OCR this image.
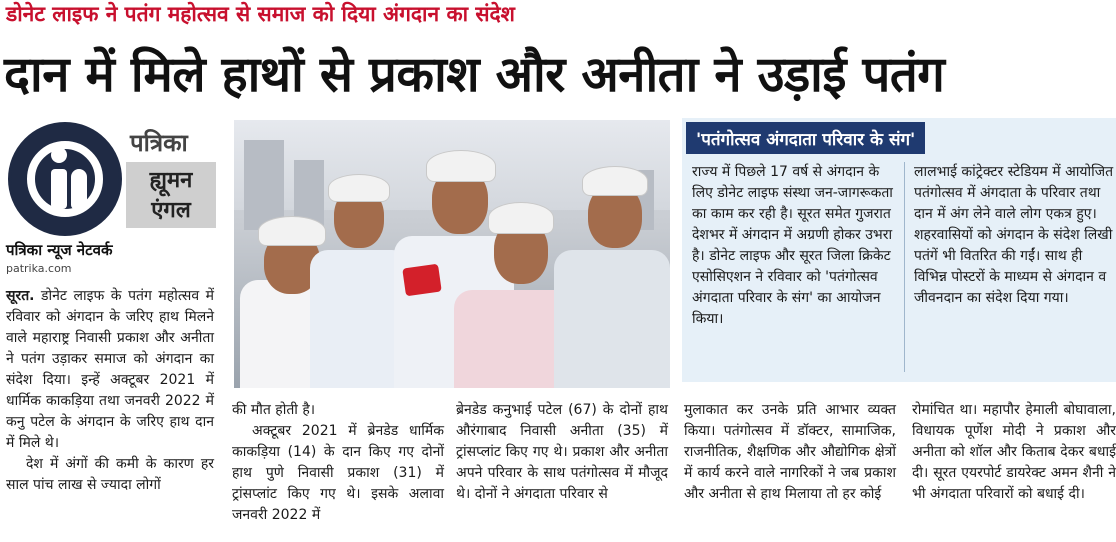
डोनेट लाइफ ने पतंग महोत्सव से समाज को दिया अंगदान का संदेश
दान में मिले हाथों से प्रकाश और अनीता ने उड़ाई पतंग
पत्रिका
ह्यूमन
एंगल
पत्रिका न्यूज नेटवर्क
patrika.com

सूरत. डोनेट लाइफ के पतंग महोत्सव में रविवार को अंगदान के जरिए हाथ मिलने वाले महाराष्ट्र निवासी प्रकाश और अनीता ने पतंग उड़ाकर समाज को अंगदान का संदेश दिया। इन्हें अक्टूबर 2021 में धार्मिक काकड़िया तथा जनवरी 2022 में कनु पटेल के अंगदान के जरिए हाथ दान में मिले थे।

देश में अंगों की कमी के कारण हर साल पांच लाख से ज्यादा लोगों

'पतंगोत्सव अंगदाता परिवार के संग'
राज्य में पिछले 17 वर्ष से अंगदान के लिए डोनेट लाइफ संस्था जन-जागरूकता का काम कर रही है। सूरत समेत गुजरात देशभर में अंगदान में अग्रणी होकर उभरा है। डोनेट लाइफ और सूरत जिला क्रिकेट एसोसिएशन ने रविवार को 'पतंगोत्सव अंगदाता परिवार के संग' का आयोजन किया।
लालभाई कांट्रेक्टर स्टेडियम में आयोजित पतंगोत्सव में अंगदाता के परिवार तथा दान में अंग लेने वाले लोग एकत्र हुए। शहरवासियों को अंगदान के संदेश लिखी पतंगें भी वितरित की गईं। साथ ही विभिन्न पोस्टरों के माध्यम से अंगदान व जीवनदान का संदेश दिया गया।

की मौत होती है।

अक्टूबर 2021 में ब्रेनडेड धार्मिक काकड़िया (14) के दान किए गए दोनों हाथ पुणे निवासी प्रकाश (31) में ट्रांसप्लांट किए गए थे। इसके अलावा जनवरी 2022 में

ब्रेनडेड कनुभाई पटेल (67) के दोनों हाथ औरंगाबाद निवासी अनीता (35) में ट्रांसप्लांट किए गए थे। प्रकाश और अनीता अपने परिवार के साथ पतंगोत्सव में मौजूद थे। दोनों ने अंगदाता परिवार से
मुलाकात कर उनके प्रति आभार व्यक्त किया। पतंगोत्सव में डॉक्टर, सामाजिक, राजनीतिक, शैक्षणिक और औद्योगिक क्षेत्रों में कार्य करने वाले नागरिकों ने जब प्रकाश और अनीता से हाथ मिलाया तो हर कोई
रोमांचित था। महापौर हेमाली बोघावाला, विधायक पूर्णेश मोदी ने प्रकाश और अनीता को शॉल और किताब देकर बधाई दी। सूरत एयरपोर्ट डायरेक्ट अमन शैनी ने भी अंगदाता परिवारों को बधाई दी।
